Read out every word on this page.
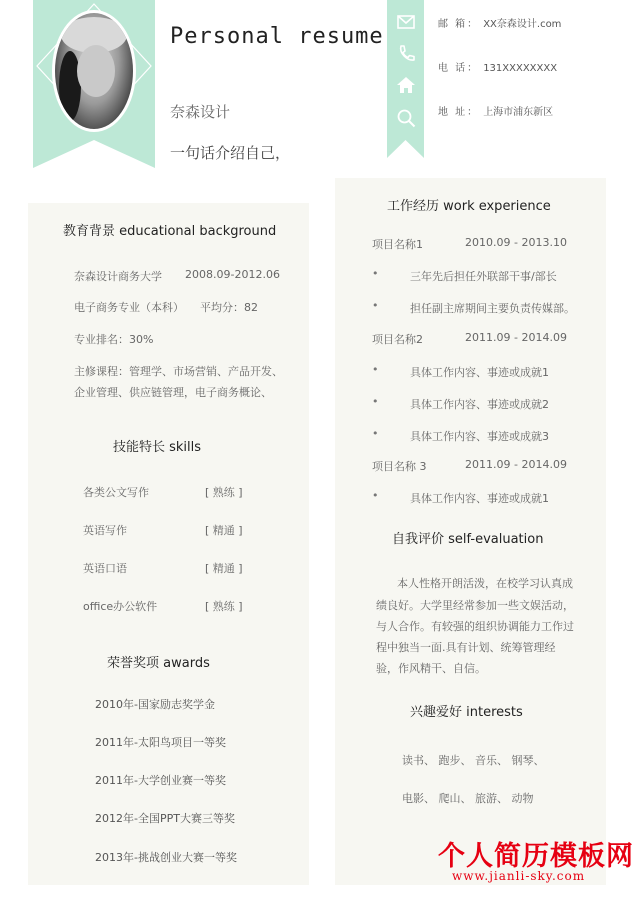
Personal resume
奈森设计
一句话介绍自己，
邮 箱： XX奈森设计.com
电 话： 131XXXXXXXX
地 址： 上海市浦东新区
教育背景 educational background
奈森设计商务大学 2008.09-2012.06
电子商务专业（本科） 平均分：82
专业排名：30%
主修课程：管理学、市场营销、产品开发、
企业管理、供应链管理，电子商务概论、
技能特长 skills
各类公文写作	[ 熟练 ]
英语写作	[ 精通 ]
英语口语	[ 精通 ]
office办公软件	[ 熟练 ]
荣誉奖项 awards
2010年-国家励志奖学金
2011年-太阳鸟项目一等奖
2011年-大学创业赛一等奖
2012年-全国PPT大赛三等奖
2013年-挑战创业大赛一等奖
工作经历 work experience
项目名称1	2010.09 - 2013.10
•	三年先后担任外联部干事/部长
•	担任副主席期间主要负责传媒部。
项目名称2	2011.09 - 2014.09
•	具体工作内容、事迹或成就1
•	具体工作内容、事迹或成就2
•	具体工作内容、事迹或成就3
项目名称 3	2011.09 - 2014.09
•	具体工作内容、事迹或成就1
自我评价 self-evaluation
本人性格开朗活泼，在校学习认真成
绩良好。大学里经常参加一些文娱活动，
与人合作。有较强的组织协调能力工作过
程中独当一面.具有计划、统筹管理经
验，作风精干、自信。
兴趣爱好 interests
读书、 跑步、 音乐、 钢琴、
电影、 爬山、 旅游、 动物
个人简历模板网
www.jianli-sky.com
